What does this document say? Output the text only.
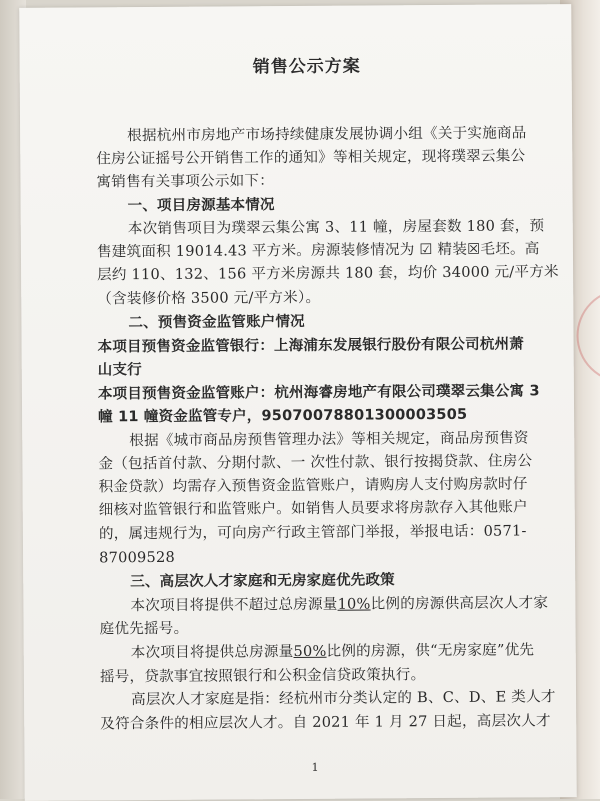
销售公示方案
根据杭州市房地产市场持续健康发展协调小组《关于实施商品
住房公证摇号公开销售工作的通知》等相关规定，现将璞翠云集公
寓销售有关事项公示如下：
一、项目房源基本情况
本次销售项目为璞翠云集公寓 3、11 幢，房屋套数 180 套，预
售建筑面积 19014.43 平方米。房源装修情况为 ☑ 精装☒毛坯。高
层约 110、132、156 平方米房源共 180 套，均价 34000 元/平方米
（含装修价格 3500 元/平方米）。
二、预售资金监管账户情况
本项目预售资金监管银行：上海浦东发展银行股份有限公司杭州萧
山支行
本项目预售资金监管账户：杭州海睿房地产有限公司璞翠云集公寓 3
幢 11 幢资金监管专户，95070078801300003505
根据《城市商品房预售管理办法》等相关规定，商品房预售资
金（包括首付款、分期付款、一 次性付款、银行按揭贷款、住房公
积金贷款）均需存入预售资金监管账户，请购房人支付购房款时仔
细核对监管银行和监管账户。如销售人员要求将房款存入其他账户
的，属违规行为，可向房产行政主管部门举报，举报电话：0571-
87009528
三、高层次人才家庭和无房家庭优先政策
本次项目将提供不超过总房源量10%比例的房源供高层次人才家
庭优先摇号。
本次项目将提供总房源量50%比例的房源，供“无房家庭”优先
摇号，贷款事宜按照银行和公积金信贷政策执行。
高层次人才家庭是指：经杭州市分类认定的 B、C、D、E 类人才
及符合条件的相应层次人才。自 2021 年 1 月 27 日起，高层次人才
1
